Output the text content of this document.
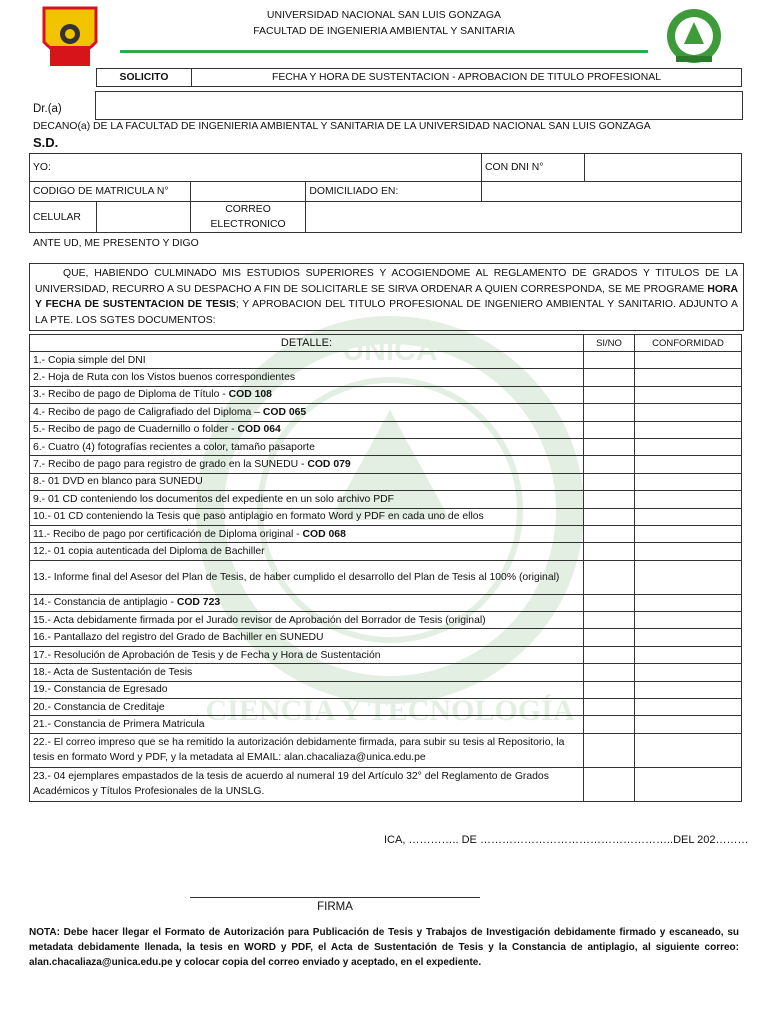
UNICA
CIENCIA Y TECNOLOGÍA
UNIVERSIDAD NACIONAL SAN LUIS GONZAGA
FACULTAD DE INGENIERIA AMBIENTAL Y SANITARIA
SOLICITO	FECHA Y HORA DE SUSTENTACION - APROBACION DE TITULO PROFESIONAL
Dr.(a)
DECANO(a) DE LA FACULTAD DE INGENIERIA AMBIENTAL Y SANITARIA DE LA UNIVERSIDAD NACIONAL SAN LUIS GONZAGA
S.D.
YO:				CON DNI N°	
CODIGO DE MATRICULA N°			DOMICILIADO EN:		
CELULAR		CORREO ELECTRONICO			
ANTE UD, ME PRESENTO Y DIGO
QUE, HABIENDO CULMINADO MIS ESTUDIOS SUPERIORES Y ACOGIENDOME AL REGLAMENTO DE GRADOS Y TITULOS DE LA UNIVERSIDAD, RECURRO A SU DESPACHO A FIN DE SOLICITARLE SE SIRVA ORDENAR A QUIEN CORRESPONDA, SE ME PROGRAME HORA Y FECHA DE SUSTENTACION DE TESIS; Y APROBACION DEL TITULO PROFESIONAL DE INGENIERO AMBIENTAL Y SANITARIO. ADJUNTO A LA PTE. LOS SGTES DOCUMENTOS:
DETALLE:	SI/NO	CONFORMIDAD
1.- Copia simple del DNI		
2.- Hoja de Ruta con los Vistos buenos correspondientes		
3.- Recibo de pago de Diploma de Título - COD 108		
4.- Recibo de pago de Caligrafiado del Diploma – COD 065		
5.- Recibo de pago de Cuadernillo o folder - COD 064		
6.- Cuatro (4) fotografías recientes a color, tamaño pasaporte		
7.- Recibo de pago para registro de grado en la SUNEDU - COD 079		
8.- 01 DVD en blanco para SUNEDU		
9.- 01 CD conteniendo los documentos del expediente en un solo archivo PDF		
10.- 01 CD conteniendo la Tesis que paso antiplagio en formato Word y PDF en cada uno de ellos		
11.- Recibo de pago por certificación de Diploma original - COD 068		
12.- 01 copia autenticada del Diploma de Bachiller		
13.- Informe final del Asesor del Plan de Tesis, de haber cumplido el desarrollo del Plan de Tesis al 100% (original)		
14.- Constancia de antiplagio - COD 723		
15.- Acta debidamente firmada por el Jurado revisor de Aprobación del Borrador de Tesis (original)		
16.- Pantallazo del registro del Grado de Bachiller en SUNEDU		
17.- Resolución de Aprobación de Tesis y de Fecha y Hora de Sustentación		
18.- Acta de Sustentación de Tesis		
19.- Constancia de Egresado		
20.- Constancia de Creditaje		
21.- Constancia de Primera Matricula		
22.- El correo impreso que se ha remitido la autorización debidamente firmada, para subir su tesis al Repositorio, la tesis en formato Word y PDF, y la metadata al EMAIL: alan.chacaliaza@unica.edu.pe		
23.- 04 ejemplares empastados de la tesis de acuerdo al numeral 19 del Artículo 32° del Reglamento de Grados Académicos y Títulos Profesionales de la UNSLG.		
ICA, ………….. DE ……………………………………………..DEL 202………
FIRMA
NOTA: Debe hacer llegar el Formato de Autorización para Publicación de Tesis y Trabajos de Investigación debidamente firmado y escaneado, su metadata debidamente llenada, la tesis en WORD y PDF, el Acta de Sustentación de Tesis y la Constancia de antiplagio, al siguiente correo: alan.chacaliaza@unica.edu.pe y colocar copia del correo enviado y aceptado, en el expediente.
